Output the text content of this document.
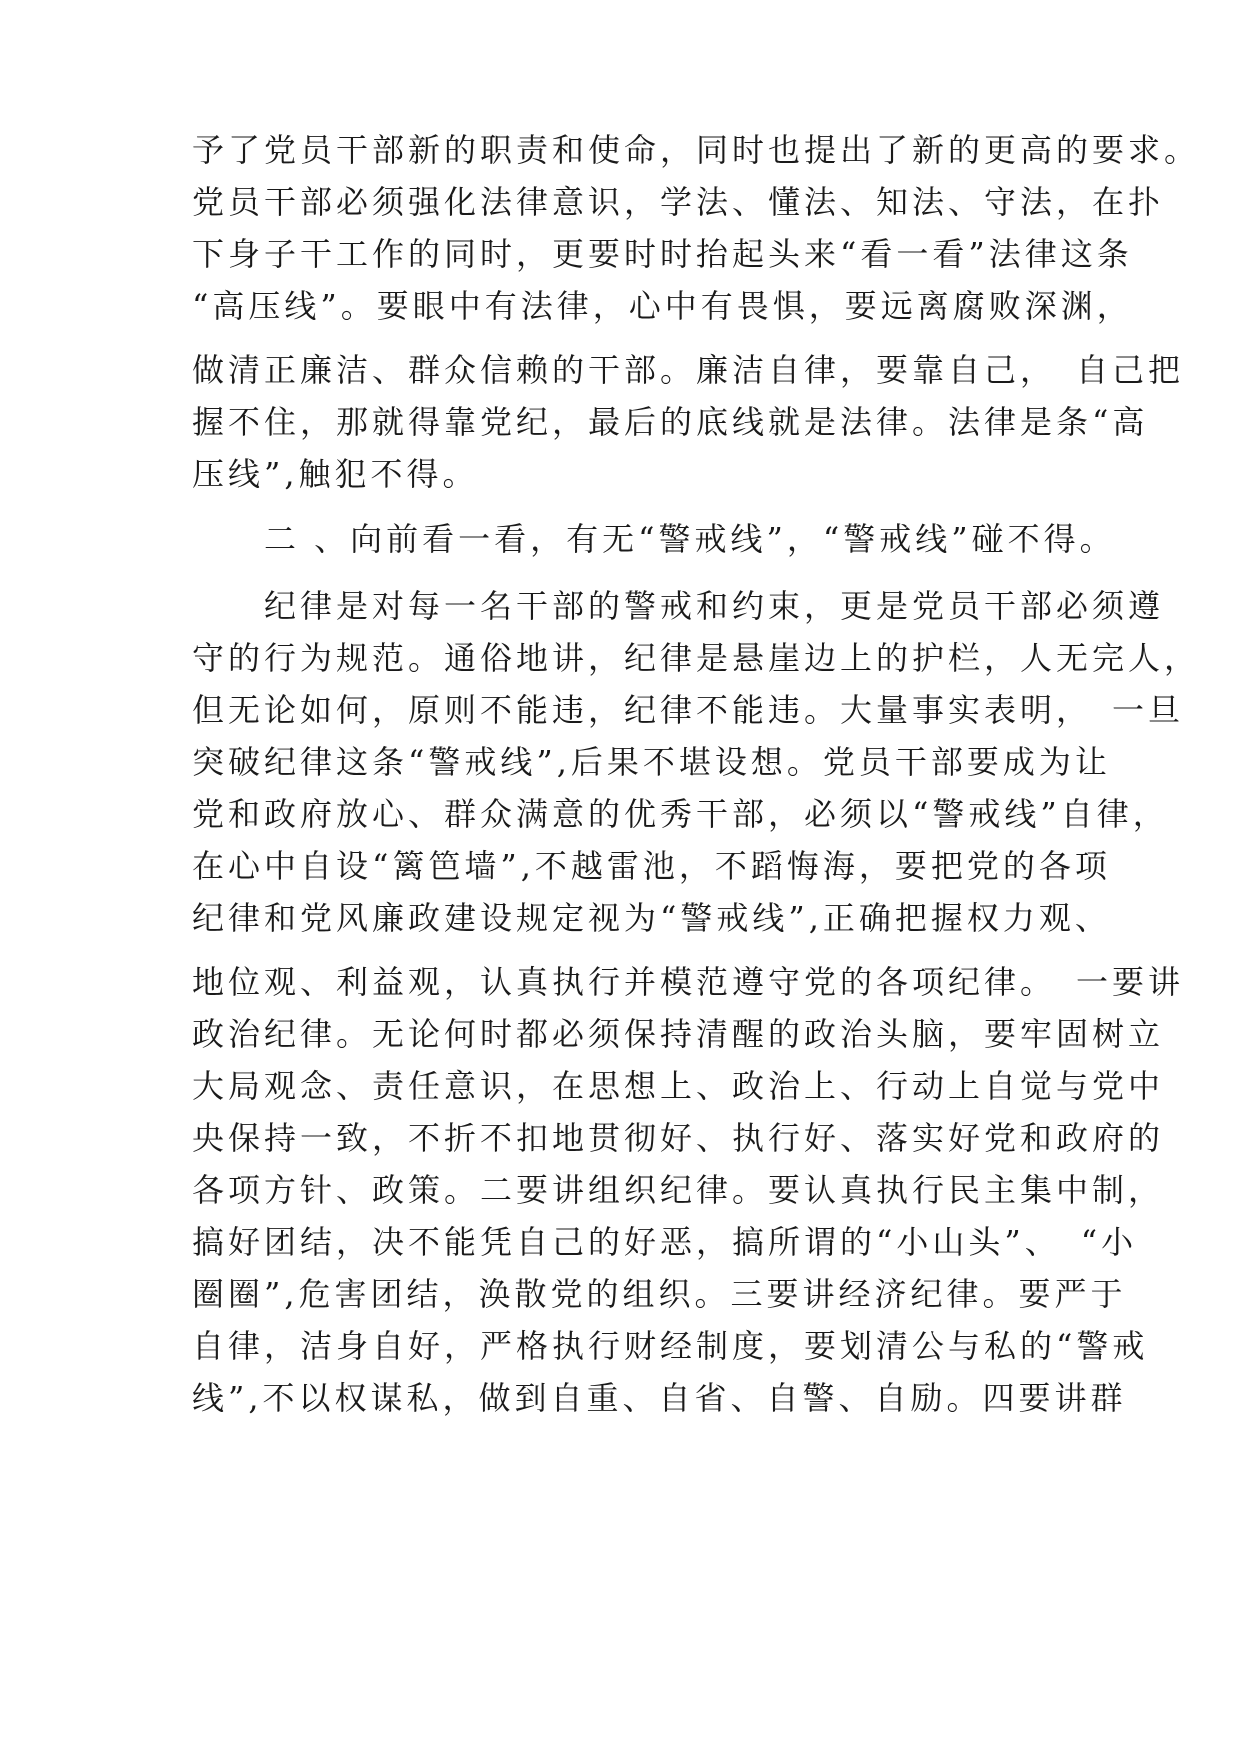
予了党员干部新的职责和使命，同时也提出了新的更高的要求。
党员干部必须强化法律意识，学法、懂法、知法、守法，在扑
下身子干工作的同时，更要时时抬起头来“看一看”法律这条
“高压线”。要眼中有法律，心中有畏惧，要远离腐败深渊，
做清正廉洁、群众信赖的干部。廉洁自律，要靠自己，　自己把
握不住，那就得靠党纪，最后的底线就是法律。法律是条“高
压线”,触犯不得。
　　二 、向前看一看，有无“警戒线”，“警戒线”碰不得。
　　纪律是对每一名干部的警戒和约束，更是党员干部必须遵
守的行为规范。通俗地讲，纪律是悬崖边上的护栏，人无完人，
但无论如何，原则不能违，纪律不能违。大量事实表明，　一旦
突破纪律这条“警戒线”,后果不堪设想。党员干部要成为让
党和政府放心、群众满意的优秀干部，必须以“警戒线”自律，
在心中自设“篱笆墙”,不越雷池，不蹈悔海，要把党的各项
纪律和党风廉政建设规定视为“警戒线”,正确把握权力观、
地位观、利益观，认真执行并模范遵守党的各项纪律。　一要讲
政治纪律。无论何时都必须保持清醒的政治头脑，要牢固树立
大局观念、责任意识，在思想上、政治上、行动上自觉与党中
央保持一致，不折不扣地贯彻好、执行好、落实好党和政府的
各项方针、政策。二要讲组织纪律。要认真执行民主集中制，
搞好团结，决不能凭自己的好恶，搞所谓的“小山头”、　“小
圈圈”,危害团结，涣散党的组织。三要讲经济纪律。要严于
自律，洁身自好，严格执行财经制度，要划清公与私的“警戒
线”,不以权谋私，做到自重、自省、自警、自励。四要讲群
